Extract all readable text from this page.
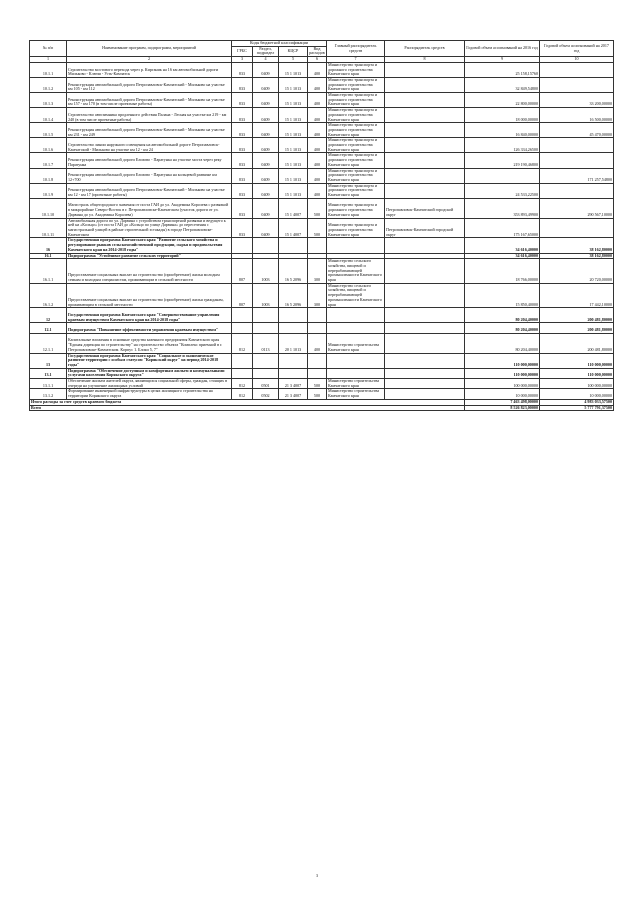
№ п/п	Наименование программ, подпрограмм, мероприятий	Коды бюджетной классификации				Главный распорядитель средств	Распорядитель средств	Годовой объем ассигнований на 2016 год	Годовой объем ассигнований на 2017 год
		ГРБС	Раздел, подраздел	КЦСР	Вид расходов				
1	2	3	4	5	6	7	8	9	10
10.1.1	Строительство мостового перехода через р. Кирганик на 16 км автомобильной дороги Мильково - Ключи - Усть-Камчатск	833	0409	15 1 1013	400	Министерство транспорта и дорожного строительства Камчатского края		25 158,15760	
10.1.2	Реконструкция автомобильной дороги Петропавловск-Камчатский - Мильково на участке км 105 - км 112	833	0409	15 1 1013	400	Министерство транспорта и дорожного строительства Камчатского края		32 849,54800	
10.1.3	Реконструкция автомобильной дороги Петропавловск-Камчатский - Мильково на участке км 157 - км 170 (в том числе проектные работы)	833	0409	15 1 1013	400	Министерство транспорта и дорожного строительства Камчатского края		22 800,00000	33 200,00000
10.1.4	Строительство автозимника продленного действия Палана - Лесная на участке км 219 - км 240 (в том числе проектные работы)	833	0409	15 1 1013	400	Министерство транспорта и дорожного строительства Камчатского края		18 000,00000	16 500,00000
10.1.5	Реконструкция автомобильной дороги Петропавловск-Камчатский - Мильково на участке км 231 - км 249	833	0409	15 1 1013	400	Министерство транспорта и дорожного строительства Камчатского края		16 840,00000	45 470,00000
10.1.6	Строительство линии наружного освещения на автомобильной дороге Петропавловск-Камчатский - Мильково на участке км 12 - км 24	833	0409	15 1 1013	400	Министерство транспорта и дорожного строительства Камчатского края		126 334,26500	
10.1.7	Реконструкция автомобильной дороги Елизово - Паратунка на участке моста через реку Паратунка	833	0409	15 1 1013	400	Министерство транспорта и дорожного строительства Камчатского края		219 190,46800	
10.1.8	Реконструкция автомобильной дороги Елизово - Паратунка на кольцевой развязке км 12+700	833	0409	15 1 1013	400	Министерство транспорта и дорожного строительства Камчатского края			171 257,54800
10.1.9	Реконструкция автомобильной дороги Петропавловск-Камчатский - Мильково на участке км 12 - км 17 (проектные работы)	833	0409	15 1 1013	400	Министерство транспорта и дорожного строительства Камчатского края		24 533,22500	
10.1.10	Магистраль общегородского значения от поста ГАИ до ул. Академика Королева с развязкой в микрорайоне Северо-Восток в г. Петропавловске-Камчатском (участок дороги от ул. Дарвина до ул. Академика Королева)	833	0409	15 1 4007	500	Министерство транспорта и дорожного строительства Камчатского края	Петропавловск-Камчатский городской округ	353 893,49900	290 567,10000
10.1.11	Автомобильная дорога по ул. Дарвина с устройством транспортной развязки и ведущего к ней на «Кольцо» (от поста ГАИ до «Кольцо по улице Дарвина» до пересечения с магистральной улицей в районе строительной эстакады) в городе Петропавловске-Камчатском	833	0409	15 1 4007	500	Министерство транспорта и дорожного строительства Камчатского края	Петропавловск-Камчатский городской округ	175 167,65000	
16	Государственная программа Камчатского края "Развитие сельского хозяйства и регулирование рынков сельскохозяйственной продукции, сырья и продовольствия Камчатского края на 2014-2018 годы"							34 616,40000	38 162,80000
16.1	Подпрограмма "Устойчивое развитие сельских территорий"							34 616,40000	38 162,80000
16.1.1	Предоставление социальных выплат на строительство (приобретение) жилья молодым семьям и молодым специалистам, проживающим в сельской местности	807	1003	16 5 2096	300	Министерство сельского хозяйства, пищевой и перерабатывающей промышленности Камчатского края		18 766,00000	20 720,00000
16.1.2	Предоставление социальных выплат на строительство (приобретение) жилья гражданам, проживающим в сельской местности	807	1003	16 5 2096	300	Министерство сельского хозяйства, пищевой и перерабатывающей промышленности Камчатского края		15 850,40000	17 442,10000
12	Государственная программа Камчатского края "Совершенствование управления краевым имуществом Камчатского края на 2014-2018 годы"							80 204,40000	200 481,80000
12.1	Подпрограмма "Повышение эффективности управления краевым имуществом"							80 204,40000	200 481,80000
12.1.1	Капитальные вложения в основные средства казенного предприятия Камчатского края "Единая дирекция по строительству" на строительство объекта "Комплекс приемной в г. Петропавловске-Камчатском. Корпус 1. Блоки 5, 7"	812	0113	20 1 1013	400	Министерство строительства Камчатского края		80 204,40000	200 481,80000
13	Государственная программа Камчатского края "Социальное и экономическое развитие территории с особым статусом "Корякский округ" на период 2014-2018 годы"							110 000,00000	110 000,00000
13.1	Подпрограмма "Обеспечение доступным и комфортным жильем и коммунальными услугами населения Корякского округа"							110 000,00000	110 000,00000
13.1.1	Обеспечение жильем жителей округа, являющихся социальной сферы, граждан, стоящих в очереди на улучшение жилищных условий	812	0501	21 3 4007	500	Министерство строительства Камчатского края		100 000,00000	100 000,00000
13.1.2	Формирование инженерной инфраструктуры в целях жилищного строительства на территории Корякского округа	812	0502	21 3 4007	500	Министерство строительства Камчатского края		10 000,00000	10 000,00000
Итого расходы за счет средств краевого бюджета								7 463 498,00000	4 983 033,57500
Всего								8 526 823,00000	5 777 791,37500
3
